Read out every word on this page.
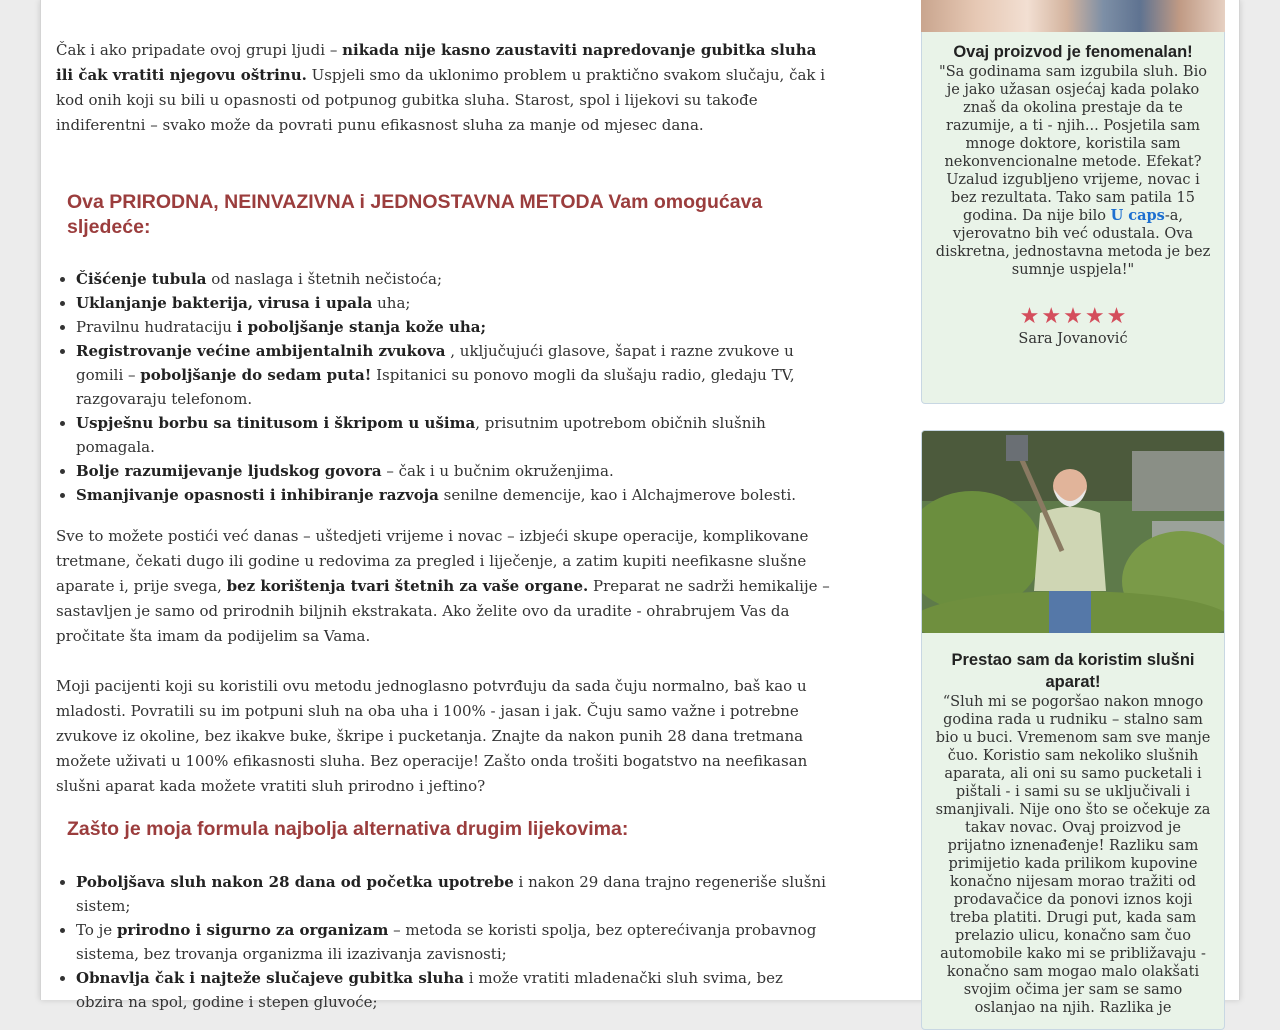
Čak i ako pripadate ovoj grupi ljudi – nikada nije kasno zaustaviti napredovanje gubitka sluha ili čak vratiti njegovu oštrinu. Uspjeli smo da uklonimo problem u praktično svakom slučaju, čak i kod onih koji su bili u opasnosti od potpunog gubitka sluha. Starost, spol i lijekovi su takođe indiferentni – svako može da povrati punu efikasnost sluha za manje od mjesec dana.

Ova PRIRODNA, NEINVAZIVNA i JEDNOSTAVNA METODA Vam omogućava sljedeće:
• Čišćenje tubula od naslaga i štetnih nečistoća;
• Uklanjanje bakterija, virusa i upala uha;
• Pravilnu hudrataciju i poboljšanje stanja kože uha;
• Registrovanje većine ambijentalnih zvukova , uključujući glasove, šapat i razne zvukove u gomili – poboljšanje do sedam puta! Ispitanici su ponovo mogli da slušaju radio, gledaju TV, razgovaraju telefonom.
• Uspješnu borbu sa tinitusom i škripom u ušima, prisutnim upotrebom običnih slušnih pomagala.
• Bolje razumijevanje ljudskog govora – čak i u bučnim okruženjima.
• Smanjivanje opasnosti i inhibiranje razvoja senilne demencije, kao i Alchajmerove bolesti.

Sve to možete postići već danas – uštedjeti vrijeme i novac – izbjeći skupe operacije, komplikovane tretmane, čekati dugo ili godine u redovima za pregled i liječenje, a zatim kupiti neefikasne slušne aparate i, prije svega, bez korištenja tvari štetnih za vaše organe. Preparat ne sadrži hemikalije – sastavljen je samo od prirodnih biljnih ekstrakata. Ako želite ovo da uradite - ohrabrujem Vas da pročitate šta imam da podijelim sa Vama.

Moji pacijenti koji su koristili ovu metodu jednoglasno potvrđuju da sada čuju normalno, baš kao u mladosti. Povratili su im potpuni sluh na oba uha i 100% - jasan i jak. Čuju samo važne i potrebne zvukove iz okoline, bez ikakve buke, škripe i pucketanja. Znajte da nakon punih 28 dana tretmana možete uživati u 100% efikasnosti sluha. Bez operacije! Zašto onda trošiti bogatstvo na neefikasan slušni aparat kada možete vratiti sluh prirodno i jeftino?

Zašto je moja formula najbolja alternativa drugim lijekovima:
• Poboljšava sluh nakon 28 dana od početka upotrebe i nakon 29 dana trajno regeneriše slušni sistem;
• To je prirodno i sigurno za organizam – metoda se koristi spolja, bez opterećivanja probavnog sistema, bez trovanja organizma ili izazivanja zavisnosti;
• Obnavlja čak i najteže slučajeve gubitka sluha i može vratiti mladenački sluh svima, bez obzira na spol, godine i stepen gluvoće;
Ovaj proizvod je fenomenalan!
"Sa godinama sam izgubila sluh. Bio je jako užasan osjećaj kada polako znaš da okolina prestaje da te razumije, a ti - njih... Posjetila sam mnoge doktore, koristila sam nekonvencionalne metode. Efekat? Uzalud izgubljeno vrijeme, novac i bez rezultata. Tako sam patila 15 godina. Da nije bilo U caps-a, vjerovatno bih već odustala. Ova diskretna, jednostavna metoda je bez sumnje uspjela!"
★★★★★
Sara Jovanović
Prestao sam da koristim slušni aparat!
“Sluh mi se pogoršao nakon mnogo godina rada u rudniku – stalno sam bio u buci. Vremenom sam sve manje čuo. Koristio sam nekoliko slušnih aparata, ali oni su samo pucketali i pištali - i sami su se uključivali i smanjivali. Nije ono što se očekuje za takav novac. Ovaj proizvod je prijatno iznenađenje! Razliku sam primijetio kada prilikom kupovine konačno nijesam morao tražiti od prodavačice da ponovi iznos koji treba platiti. Drugi put, kada sam prelazio ulicu, konačno sam čuo automobile kako mi se približavaju - konačno sam mogao malo olakšati svojim očima jer sam se samo oslanjao na njih. Razlika je
